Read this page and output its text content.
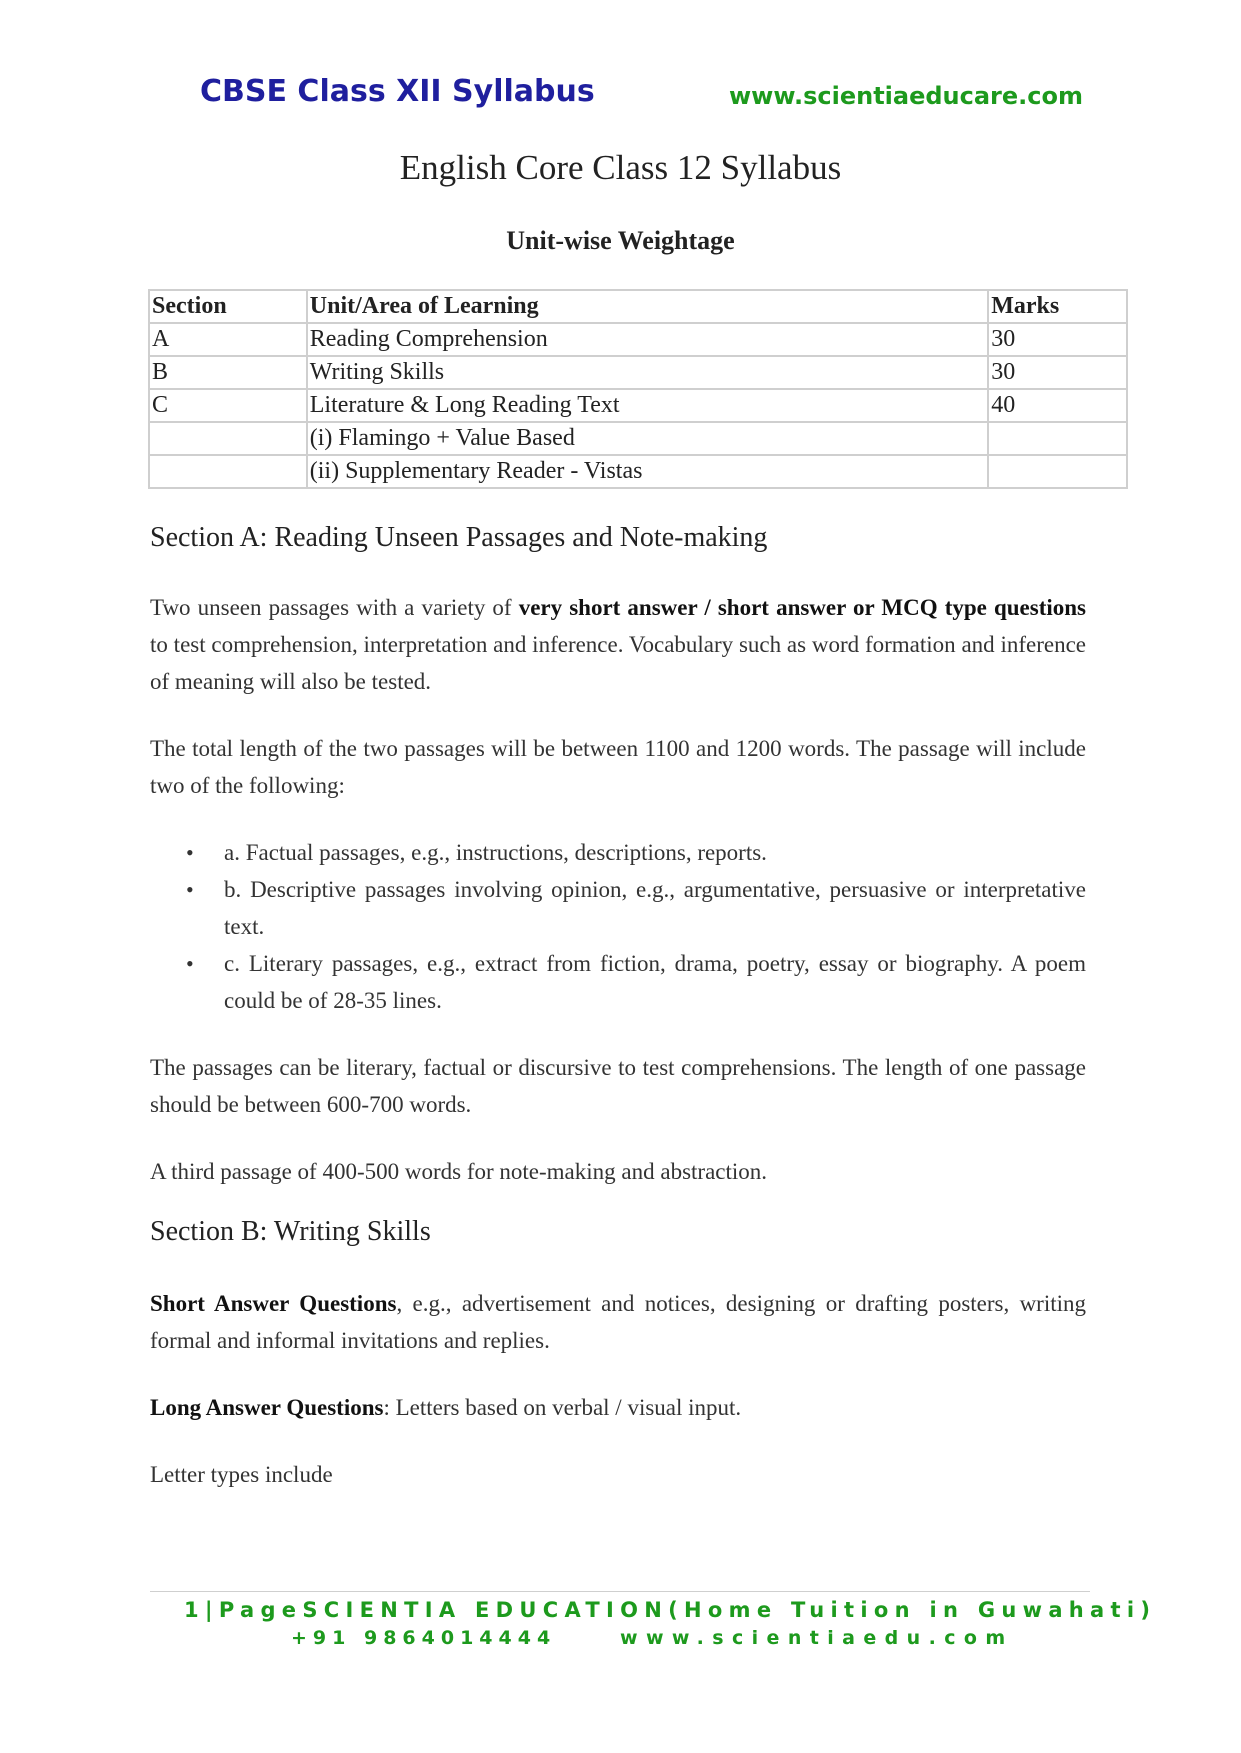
CBSE Class XII Syllabus	www.scientiaeducare.com
English Core Class 12 Syllabus
Unit-wise Weightage
Section	Unit/Area of Learning	Marks
A	Reading Comprehension	30
B	Writing Skills	30
C	Literature & Long Reading Text	40
	(i) Flamingo + Value Based	
	(ii) Supplementary Reader - Vistas	
Section A: Reading Unseen Passages and Note-making
Two unseen passages with a variety of very short answer / short answer or MCQ type questions to test comprehension, interpretation and inference. Vocabulary such as word formation and inference of meaning will also be tested.
The total length of the two passages will be between 1100 and 1200 words. The passage will include two of the following:
• a. Factual passages, e.g., instructions, descriptions, reports.
• b. Descriptive passages involving opinion, e.g., argumentative, persuasive or interpretative text.
• c. Literary passages, e.g., extract from fiction, drama, poetry, essay or biography. A poem could be of 28-35 lines.
The passages can be literary, factual or discursive to test comprehensions. The length of one passage should be between 600-700 words.
A third passage of 400-500 words for note-making and abstraction.
Section B: Writing Skills
Short Answer Questions, e.g., advertisement and notices, designing or drafting posters, writing formal and informal invitations and replies.
Long Answer Questions: Letters based on verbal / visual input.
Letter types include
1|PageSCIENTIA EDUCATION(Home Tuition in Guwahati)
+91 9864014444	www.scientiaedu.com
